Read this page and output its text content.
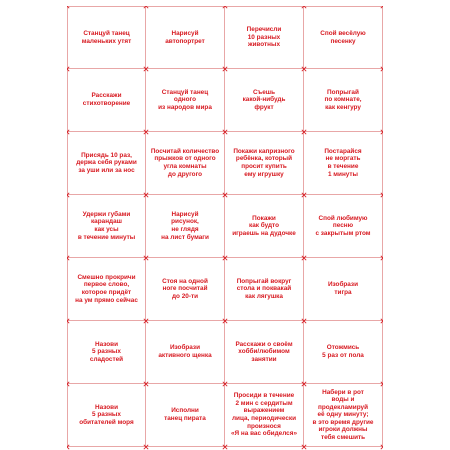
Станцуй танец
маленьких утят
Нарисуй
автопортрет
Перечисли
10 разных
животных
Спой весёлую
песенку
Расскажи
стихотворение
Станцуй танец
одного
из народов мира
Съешь
какой-нибудь
фрукт
Попрыгай
по комнате,
как кенгуру
Присядь 10 раз,
держа себя руками
за уши или за нос
Посчитай количество
прыжков от одного
угла комнаты
до другого
Покажи капризного
ребёнка, который
просит купить
ему игрушку
Постарайся
не моргать
в течение
1 минуты
Удержи губами
карандаш
как усы
в течение минуты
Нарисуй
рисунок,
не глядя
на лист бумаги
Покажи
как будто
играешь на дудочке
Спой любимую
песню
с закрытым ртом
Смешно прокричи
первое слово,
которое придёт
на ум прямо сейчас
Стоя на одной
ноге посчитай
до 20-ти
Попрыгай вокруг
стола и поквакай
как лягушка
Изобрази
тигра
Назови
5 разных
сладостей
Изобрази
активного щенка
Расскажи о своём
хобби/любимом
занятии
Отожмись
5 раз от пола
Назови
5 разных
обитателей моря
Исполни
танец пирата
Просиди в течение
2 мин с сердитым
выражением
лица, периодически
произнося
«Я на вас обиделся»
Набери в рот
воды и продекламируй
её одну минуту;
в это время другие
игроки должны
тебя смешить
